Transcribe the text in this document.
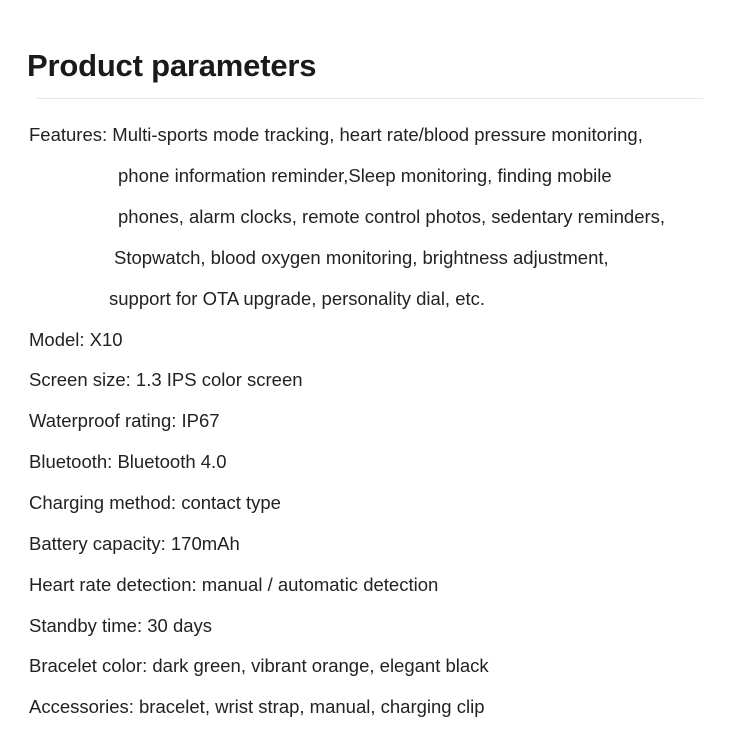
Product parameters
Features: Multi-sports mode tracking, heart rate/blood pressure monitoring,
phone information reminder,Sleep monitoring, finding mobile
phones, alarm clocks, remote control photos, sedentary reminders,
Stopwatch, blood oxygen monitoring, brightness adjustment,
support for OTA upgrade, personality dial, etc.
Model: X10
Screen size: 1.3 IPS color screen
Waterproof rating: IP67
Bluetooth: Bluetooth 4.0
Charging method: contact type
Battery capacity: 170mAh
Heart rate detection: manual / automatic detection
Standby time: 30 days
Bracelet color: dark green, vibrant orange, elegant black
Accessories: bracelet, wrist strap, manual, charging clip
